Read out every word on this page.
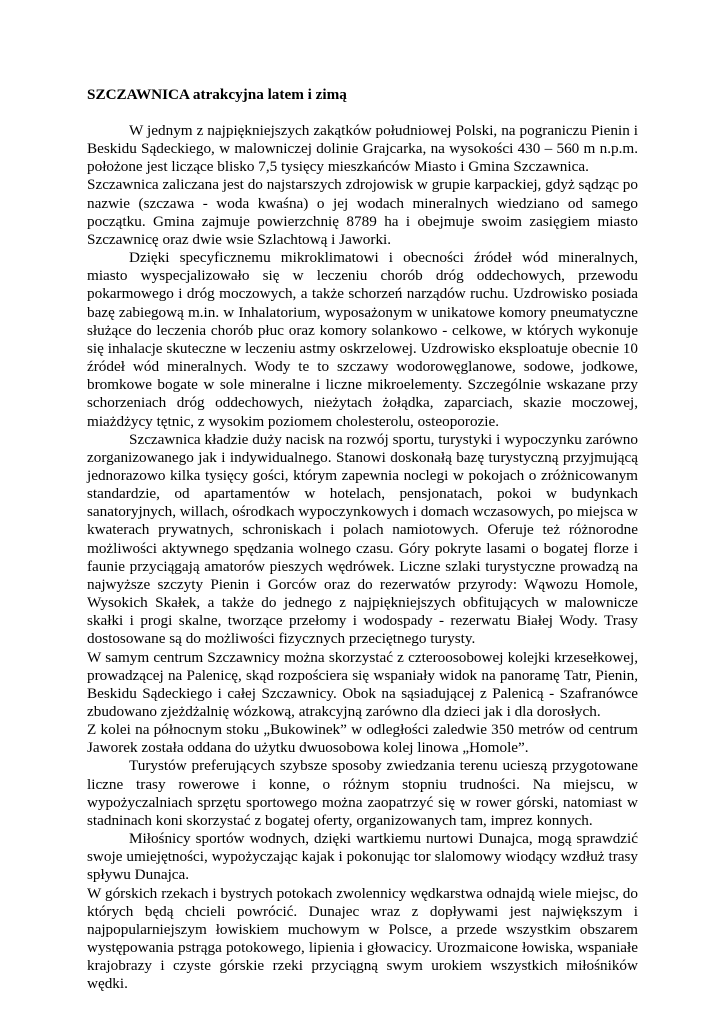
SZCZAWNICA atrakcyjna latem i zimą

W jednym z najpiękniejszych zakątków południowej Polski, na pograniczu Pienin i Beskidu Sądeckiego, w malowniczej dolinie Grajcarka, na wysokości 430 – 560 m n.p.m. położone jest liczące blisko 7,5 tysięcy mieszkańców Miasto i Gmina Szczawnica.

Szczawnica zaliczana jest do najstarszych zdrojowisk w grupie karpackiej, gdyż sądząc po nazwie (szczawa - woda kwaśna) o jej wodach mineralnych wiedziano od samego początku. Gmina zajmuje powierzchnię 8789 ha i obejmuje swoim zasięgiem miasto Szczawnicę oraz dwie wsie Szlachtową i Jaworki.

Dzięki specyficznemu mikroklimatowi i obecności źródeł wód mineralnych, miasto wyspecjalizowało się w leczeniu chorób dróg oddechowych, przewodu pokarmowego i dróg moczowych, a także schorzeń narządów ruchu. Uzdrowisko posiada bazę zabiegową m.in. w Inhalatorium, wyposażonym w unikatowe komory pneumatyczne służące do leczenia chorób płuc oraz komory solankowo - celkowe, w których wykonuje się inhalacje skuteczne w leczeniu astmy oskrzelowej. Uzdrowisko eksploatuje obecnie 10 źródeł wód mineralnych. Wody te to szczawy wodorowęglanowe, sodowe, jodkowe, bromkowe bogate w sole mineralne i liczne mikroelementy. Szczególnie wskazane przy schorzeniach dróg oddechowych, nieżytach żołądka, zaparciach, skazie moczowej, miażdżycy tętnic, z wysokim poziomem cholesterolu, osteoporozie.

Szczawnica kładzie duży nacisk na rozwój sportu, turystyki i wypoczynku zarówno zorganizowanego jak i indywidualnego. Stanowi doskonałą bazę turystyczną przyjmującą jednorazowo kilka tysięcy gości, którym zapewnia noclegi w pokojach o zróżnicowanym standardzie, od apartamentów w hotelach, pensjonatach, pokoi w budynkach sanatoryjnych, willach, ośrodkach wypoczynkowych i domach wczasowych, po miejsca w kwaterach prywatnych, schroniskach i polach namiotowych. Oferuje też różnorodne możliwości aktywnego spędzania wolnego czasu. Góry pokryte lasami o bogatej florze i faunie przyciągają amatorów pieszych wędrówek. Liczne szlaki turystyczne prowadzą na najwyższe szczyty Pienin i Gorców oraz do rezerwatów przyrody: Wąwozu Homole, Wysokich Skałek, a także do jednego z najpiękniejszych obfitujących w malownicze skałki i progi skalne, tworzące przełomy i wodospady - rezerwatu Białej Wody. Trasy dostosowane są do możliwości fizycznych przeciętnego turysty.

W samym centrum Szczawnicy można skorzystać z czteroosobowej kolejki krzesełkowej, prowadzącej na Palenicę, skąd rozpościera się wspaniały widok na panoramę Tatr, Pienin, Beskidu Sądeckiego i całej Szczawnicy. Obok na sąsiadującej z Palenicą - Szafranówce zbudowano zjeżdżalnię wózkową, atrakcyjną zarówno dla dzieci jak i dla dorosłych.

Z kolei na północnym stoku „Bukowinek” w odległości zaledwie 350 metrów od centrum Jaworek została oddana do użytku dwuosobowa kolej linowa „Homole”.

Turystów preferujących szybsze sposoby zwiedzania terenu ucieszą przygotowane liczne trasy rowerowe i konne, o różnym stopniu trudności. Na miejscu, w wypożyczalniach sprzętu sportowego można zaopatrzyć się w rower górski, natomiast w stadninach koni skorzystać z bogatej oferty, organizowanych tam, imprez konnych.

Miłośnicy sportów wodnych, dzięki wartkiemu nurtowi Dunajca, mogą sprawdzić swoje umiejętności, wypożyczając kajak i pokonując tor slalomowy wiodący wzdłuż trasy spływu Dunajca.

W górskich rzekach i bystrych potokach zwolennicy wędkarstwa odnajdą wiele miejsc, do których będą chcieli powrócić. Dunajec wraz z dopływami jest największym i najpopularniejszym łowiskiem muchowym w Polsce, a przede wszystkim obszarem występowania pstrąga potokowego, lipienia i głowacicy. Urozmaicone łowiska, wspaniałe krajobrazy i czyste górskie rzeki przyciągną swym urokiem wszystkich miłośników wędki.
